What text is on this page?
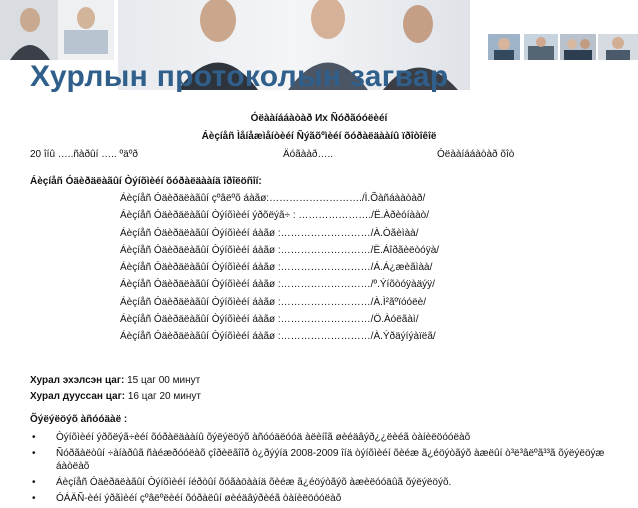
Хурлын протоколын загвар
Óëààíááàòàð Их Ñóðãóóëèéí
Áèçíåñ Ìåíåæìåíòèéí Ñýãõºìèéí õóðàëäààíû ïðîòîêîë
20 îíû …..ñàðûí ….. ºäºð	Äóãààð…..	Óëààíááàòàð õîò
Áèçíåñ Óäèðäëàãûí Òýíõìèéí õóðàëäààíä îðîëöñîí:
Áèçíåñ Óäèðäëàãûí çºâëºõ áàãø:………………………./Ì.Õàñáààòàð/
Áèçíåñ Óäèðäëàãûí Òýíõìèéí ýðõëýã÷ : …………………./Ë.Àðèóíààò/
Áèçíåñ Óäèðäëàãûí Òýíõìèéí áàãø :………………………/À.Òãèìàà/
Áèçíåñ Óäèðäëàãûí Òýíõìèéí áàãø :………………………/Ë.Áîðãèëòóÿà/
Áèçíåñ Óäèðäëàãûí Òýíõìèéí áàãø :………………………/Á.Á¿æèãìàà/
Áèçíåñ Óäèðäëàãûí Òýíõìèéí áàãø :………………………/º.Ýíõòóÿàäýÿ/
Áèçíåñ Óäèðäëàãûí Òýíõìèéí áàãø :………………………/À.Ì²ãºïóóëè/
Áèçíåñ Óäèðäëàãûí Òýíõìèéí áàãø :………………………/Ö.Àóëãàì/
Áèçíåñ Óäèðäëàãûí Òýíõìèéí áàãø :………………………/À.Ýðäýíýàïëã/
Хурал эхэлсэн цаг: 15 цаг 00 минут
Хурал дууссан цаг: 16 цаг 20 минут
Õýëýëöýõ àñóóäàë :
• Òýíõìèéí ýðõëýã÷èéí õóðàëäààíû õýëýëöýõ àñóóäëóóä àëèíîã øèéäâýð¿¿ëèéã òàíèëöóóëàõ
• Ñóðãàëòûí ÷àíàðûã ñàéæðóóëàõ çîðèëãîîð ò¿ðýýíä 2008-2009 îíä òýíõìèéí õèéæ ã¿éöýòãýõ àæëûí ò³ë³âëºã³³ã õýëýëöýæ áàòëàõ
• Áèçíåñ Óäèðäëàãûí Òýíõìèéí íéðòûí õóãàöààíä õèéæ ã¿éöýòãýõ àæèëóóäûã õýëýëöýõ.
• ÓÁÄÑ-èéí ýðãìèéí çºâëºëèéí õóðàëûí øèéäâýðèéã òàíèëöóóëàõ
